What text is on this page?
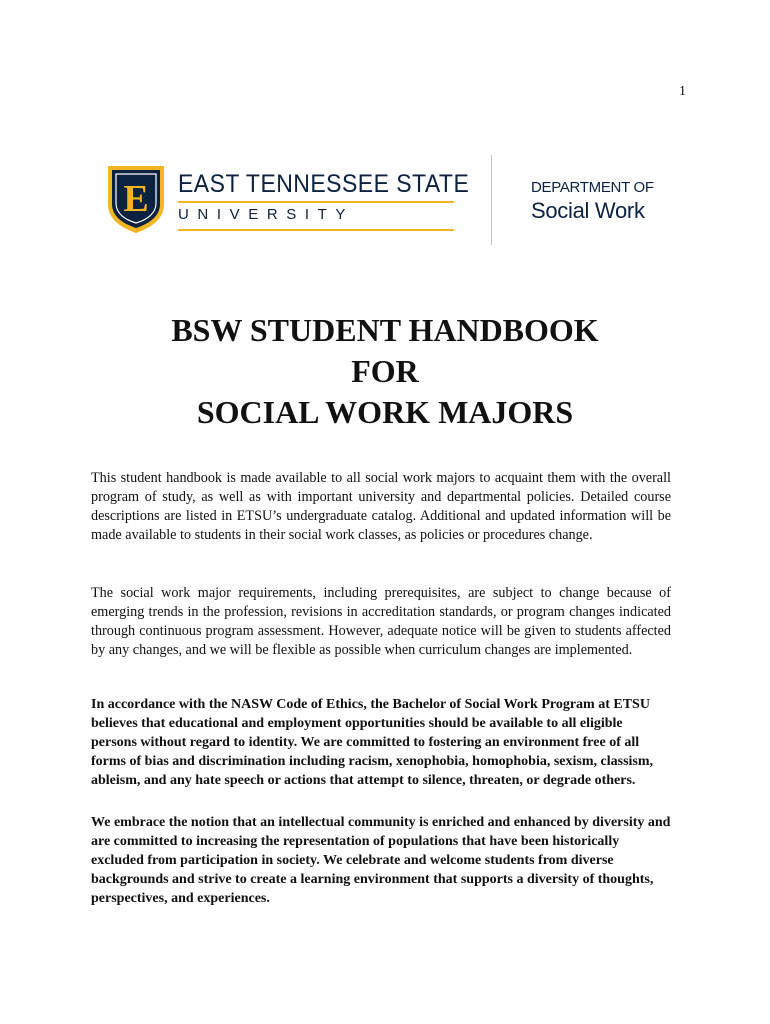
1
E EAST TENNESSEE STATE
UNIVERSITY
DEPARTMENT OF
Social Work
BSW STUDENT HANDBOOK
FOR
SOCIAL WORK MAJORS

This student handbook is made available to all social work majors to acquaint them with the overall program of study, as well as with important university and departmental policies. Detailed course descriptions are listed in ETSU’s undergraduate catalog. Additional and updated information will be made available to students in their social work classes, as policies or procedures change.

The social work major requirements, including prerequisites, are subject to change because of emerging trends in the profession, revisions in accreditation standards, or program changes indicated through continuous program assessment. However, adequate notice will be given to students affected by any changes, and we will be flexible as possible when curriculum changes are implemented.

In accordance with the NASW Code of Ethics, the Bachelor of Social Work Program at ETSU believes that educational and employment opportunities should be available to all eligible persons without regard to identity. We are committed to fostering an environment free of all forms of bias and discrimination including racism, xenophobia, homophobia, sexism, classism, ableism, and any hate speech or actions that attempt to silence, threaten, or degrade others.

We embrace the notion that an intellectual community is enriched and enhanced by diversity and are committed to increasing the representation of populations that have been historically excluded from participation in society. We celebrate and welcome students from diverse backgrounds and strive to create a learning environment that supports a diversity of thoughts, perspectives, and experiences.
